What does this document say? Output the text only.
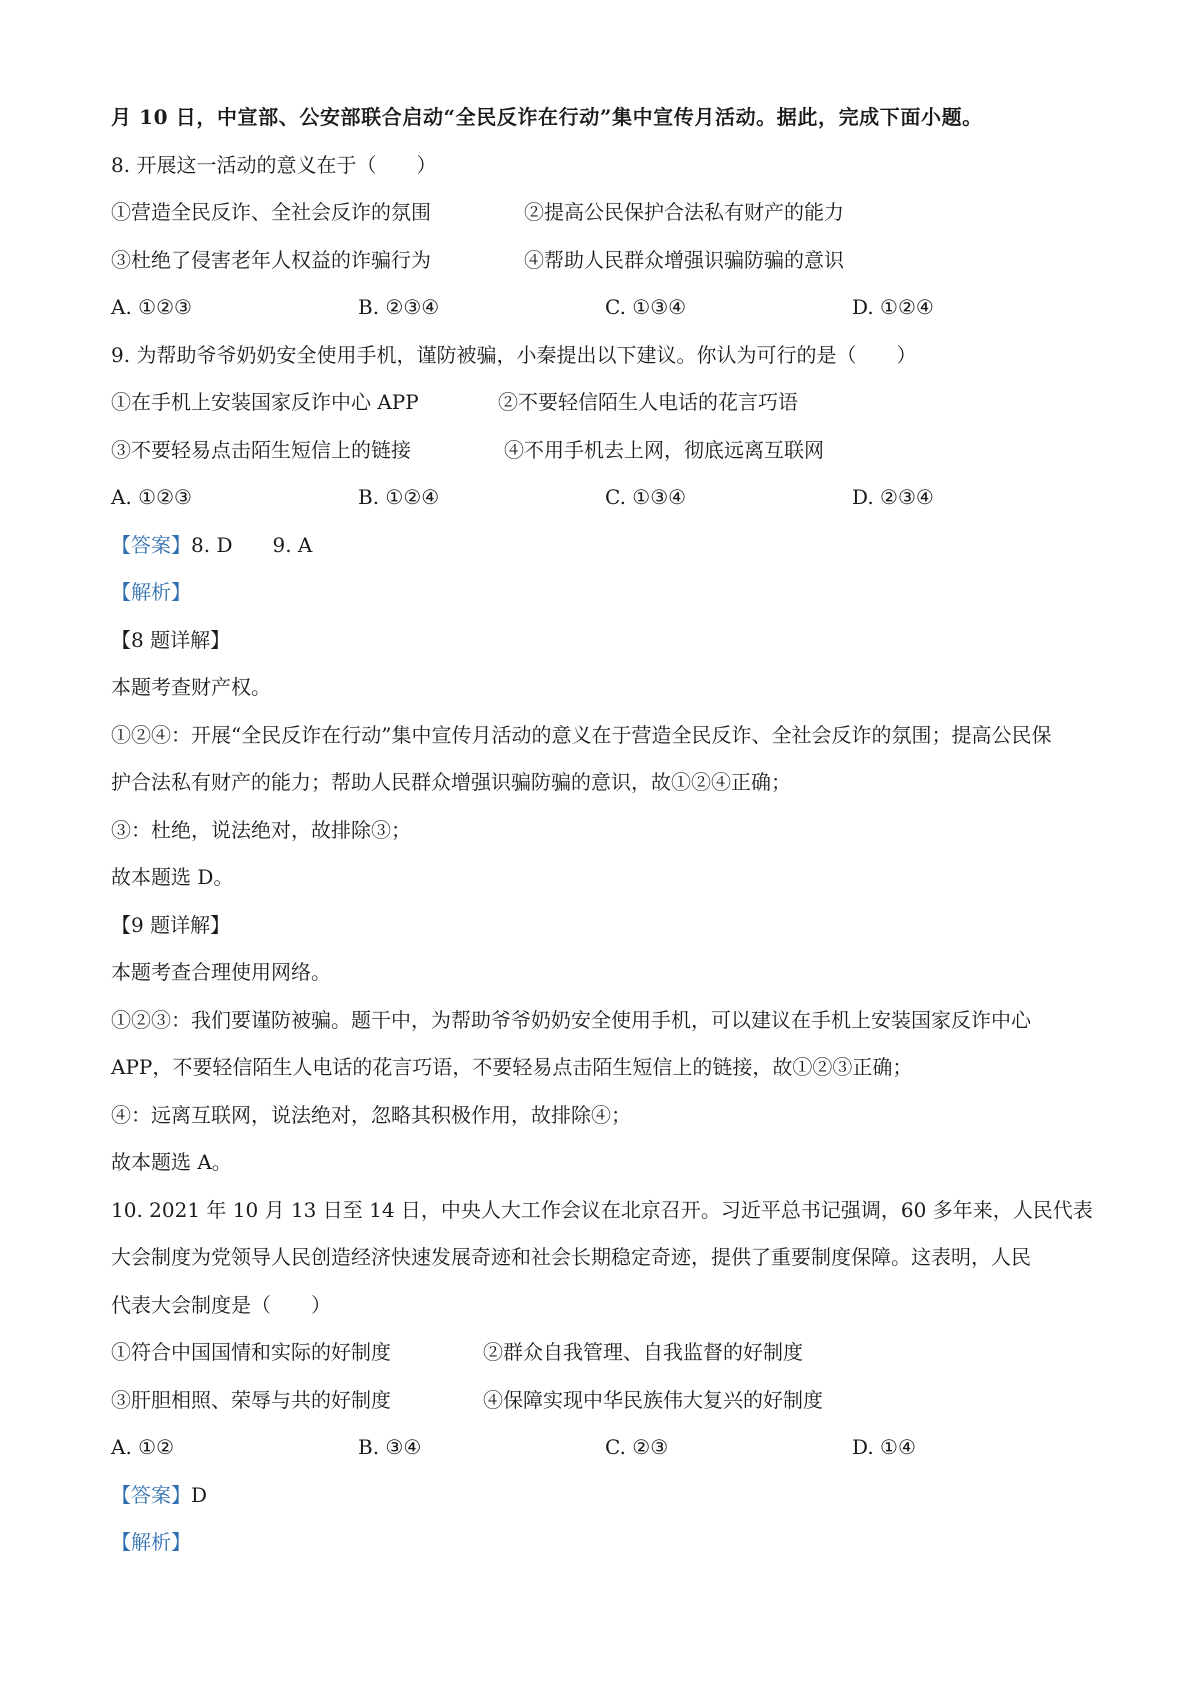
月 10 日，中宣部、公安部联合启动“全民反诈在行动”集中宣传月活动。据此，完成下面小题。
8. 开展这一活动的意义在于（　　）
①营造全民反诈、全社会反诈的氛围	②提高公民保护合法私有财产的能力
③杜绝了侵害老年人权益的诈骗行为	④帮助人民群众增强识骗防骗的意识
A. ①②③	B. ②③④	C. ①③④	D. ①②④
9. 为帮助爷爷奶奶安全使用手机，谨防被骗，小秦提出以下建议。你认为可行的是（　　）
①在手机上安装国家反诈中心 APP	②不要轻信陌生人电话的花言巧语
③不要轻易点击陌生短信上的链接	④不用手机去上网，彻底远离互联网
A. ①②③	B. ①②④	C. ①③④	D. ②③④
【答案】8. D　　9. A
【解析】
【8 题详解】
本题考查财产权。
①②④：开展“全民反诈在行动”集中宣传月活动的意义在于营造全民反诈、全社会反诈的氛围；提高公民保
护合法私有财产的能力；帮助人民群众增强识骗防骗的意识，故①②④正确；
③：杜绝，说法绝对，故排除③；
故本题选 D。
【9 题详解】
本题考查合理使用网络。
①②③：我们要谨防被骗。题干中，为帮助爷爷奶奶安全使用手机，可以建议在手机上安装国家反诈中心
APP，不要轻信陌生人电话的花言巧语，不要轻易点击陌生短信上的链接，故①②③正确；
④：远离互联网，说法绝对，忽略其积极作用，故排除④；
故本题选 A。
10. 2021 年 10 月 13 日至 14 日，中央人大工作会议在北京召开。习近平总书记强调，60 多年来，人民代表
大会制度为党领导人民创造经济快速发展奇迹和社会长期稳定奇迹，提供了重要制度保障。这表明，人民
代表大会制度是（　　）
①符合中国国情和实际的好制度	②群众自我管理、自我监督的好制度
③肝胆相照、荣辱与共的好制度	④保障实现中华民族伟大复兴的好制度
A. ①②	B. ③④	C. ②③	D. ①④
【答案】D
【解析】
